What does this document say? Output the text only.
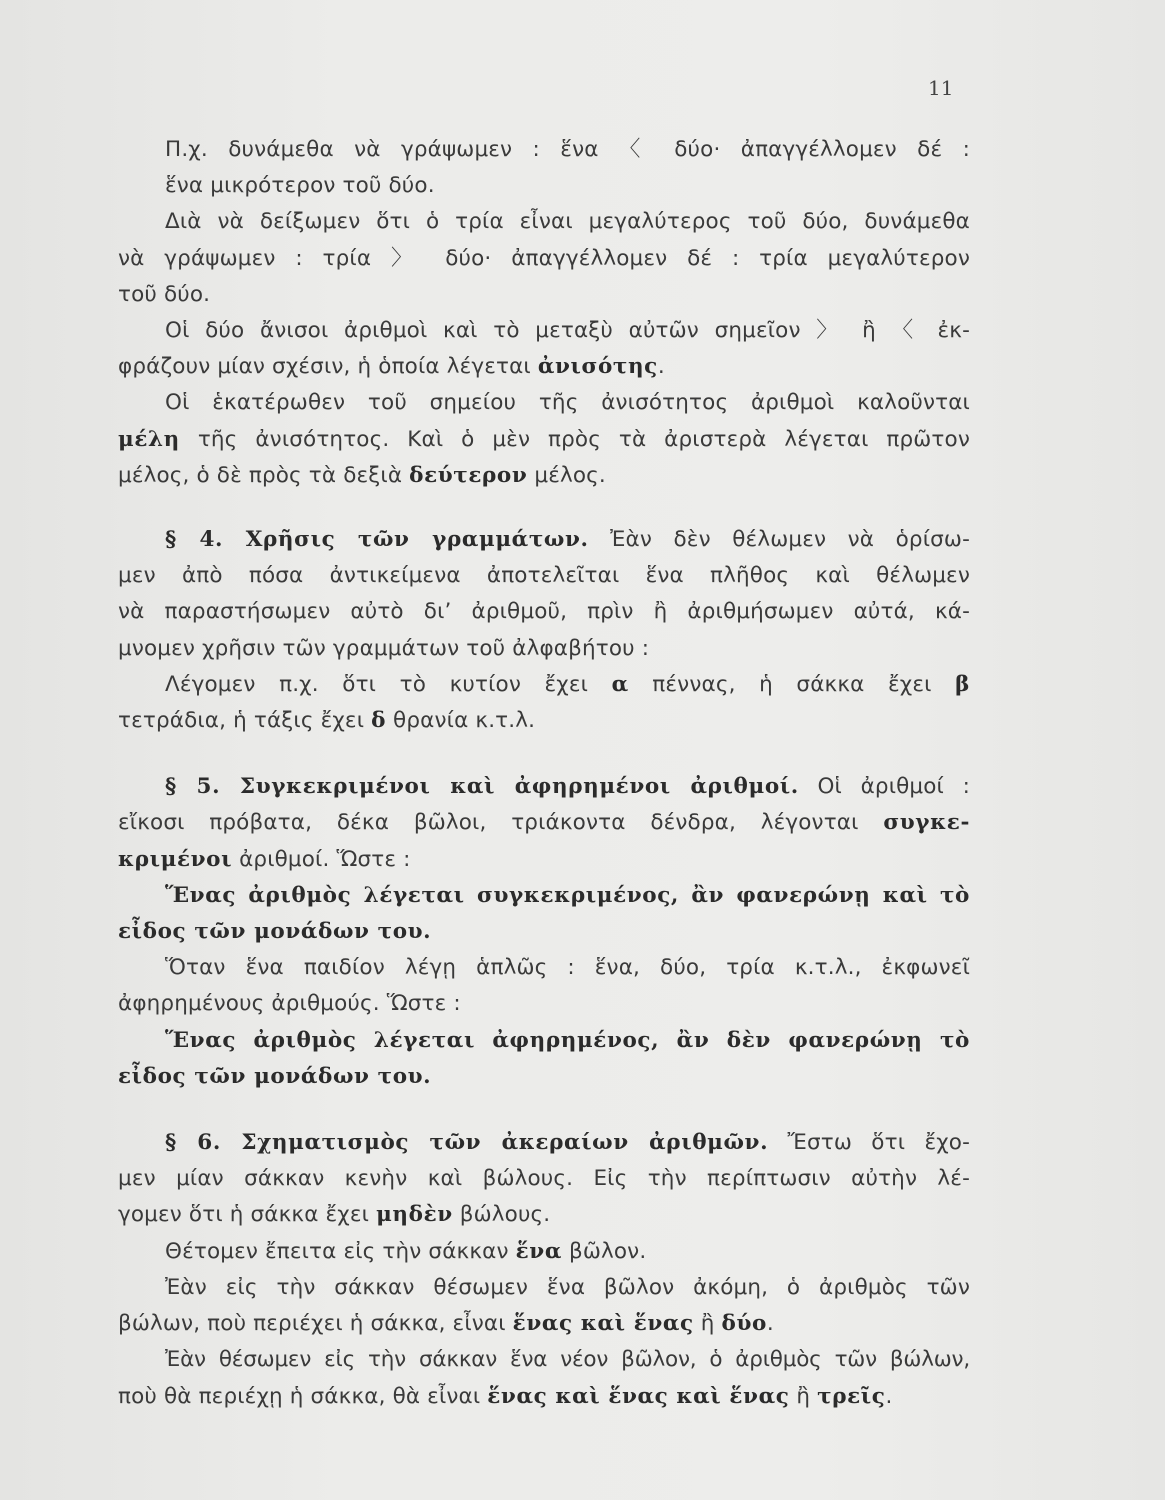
11

Π.χ. δυνάμεθα νὰ γράψωμεν : ἕνα 〈 δύο· ἀπαγγέλλομεν δέ :
ἕνα μικρότερον τοῦ δύο.

Διὰ νὰ δείξωμεν ὅτι ὁ τρία εἶναι μεγαλύτερος τοῦ δύο, δυνάμεθα
νὰ γράψωμεν : τρία 〉 δύο· ἀπαγγέλλομεν δέ : τρία μεγαλύτερον
τοῦ δύο.

Οἱ δύο ἄνισοι ἀριθμοὶ καὶ τὸ μεταξὺ αὐτῶν σημεῖον 〉 ἢ 〈 ἐκ-
φράζουν μίαν σχέσιν, ἡ ὁποία λέγεται ἀνισότης.

Οἱ ἑκατέρωθεν τοῦ σημείου τῆς ἀνισότητος ἀριθμοὶ καλοῦνται
μέλη τῆς ἀνισότητος. Καὶ ὁ μὲν πρὸς τὰ ἀριστερὰ λέγεται πρῶτον
μέλος, ὁ δὲ πρὸς τὰ δεξιὰ δεύτερον μέλος.

§ 4. Χρῆσις τῶν γραμμάτων. Ἐὰν δὲν θέλωμεν νὰ ὁρίσω-
μεν ἀπὸ πόσα ἀντικείμενα ἀποτελεῖται ἕνα πλῆθος καὶ θέλωμεν
νὰ παραστήσωμεν αὐτὸ δι’ ἀριθμοῦ, πρὶν ἢ ἀριθμήσωμεν αὐτά, κά-
μνομεν χρῆσιν τῶν γραμμάτων τοῦ ἀλφαβήτου :

Λέγομεν π.χ. ὅτι τὸ κυτίον ἔχει α πέννας, ἡ σάκκα ἔχει β
τετράδια, ἡ τάξις ἔχει δ θρανία κ.τ.λ.

§ 5. Συγκεκριμένοι καὶ ἀφηρημένοι ἀριθμοί. Οἱ ἀριθμοί :
εἴκοσι πρόβατα, δέκα βῶλοι, τριάκοντα δένδρα, λέγονται συγκε-
κριμένοι ἀριθμοί. Ὥστε :

Ἕνας ἀριθμὸς λέγεται συγκεκριμένος, ἂν φανερώνῃ καὶ τὸ
εἶδος τῶν μονάδων του.

Ὅταν ἕνα παιδίον λέγῃ ἁπλῶς : ἕνα, δύο, τρία κ.τ.λ., ἐκφωνεῖ
ἀφηρημένους ἀριθμούς. Ὥστε :

Ἕνας ἀριθμὸς λέγεται ἀφηρημένος, ἂν δὲν φανερώνῃ τὸ
εἶδος τῶν μονάδων του.

§ 6. Σχηματισμὸς τῶν ἀκεραίων ἀριθμῶν. Ἔστω ὅτι ἔχο-
μεν μίαν σάκκαν κενὴν καὶ βώλους. Εἰς τὴν περίπτωσιν αὐτὴν λέ-
γομεν ὅτι ἡ σάκκα ἔχει μηδὲν βώλους.

Θέτομεν ἔπειτα εἰς τὴν σάκκαν ἕνα βῶλον.

Ἐὰν εἰς τὴν σάκκαν θέσωμεν ἕνα βῶλον ἀκόμη, ὁ ἀριθμὸς τῶν
βώλων, ποὺ περιέχει ἡ σάκκα, εἶναι ἕνας καὶ ἕνας ἢ δύο.

Ἐὰν θέσωμεν εἰς τὴν σάκκαν ἕνα νέον βῶλον, ὁ ἀριθμὸς τῶν βώλων,
ποὺ θὰ περιέχῃ ἡ σάκκα, θὰ εἶναι ἕνας καὶ ἕνας καὶ ἕνας ἢ τρεῖς.
